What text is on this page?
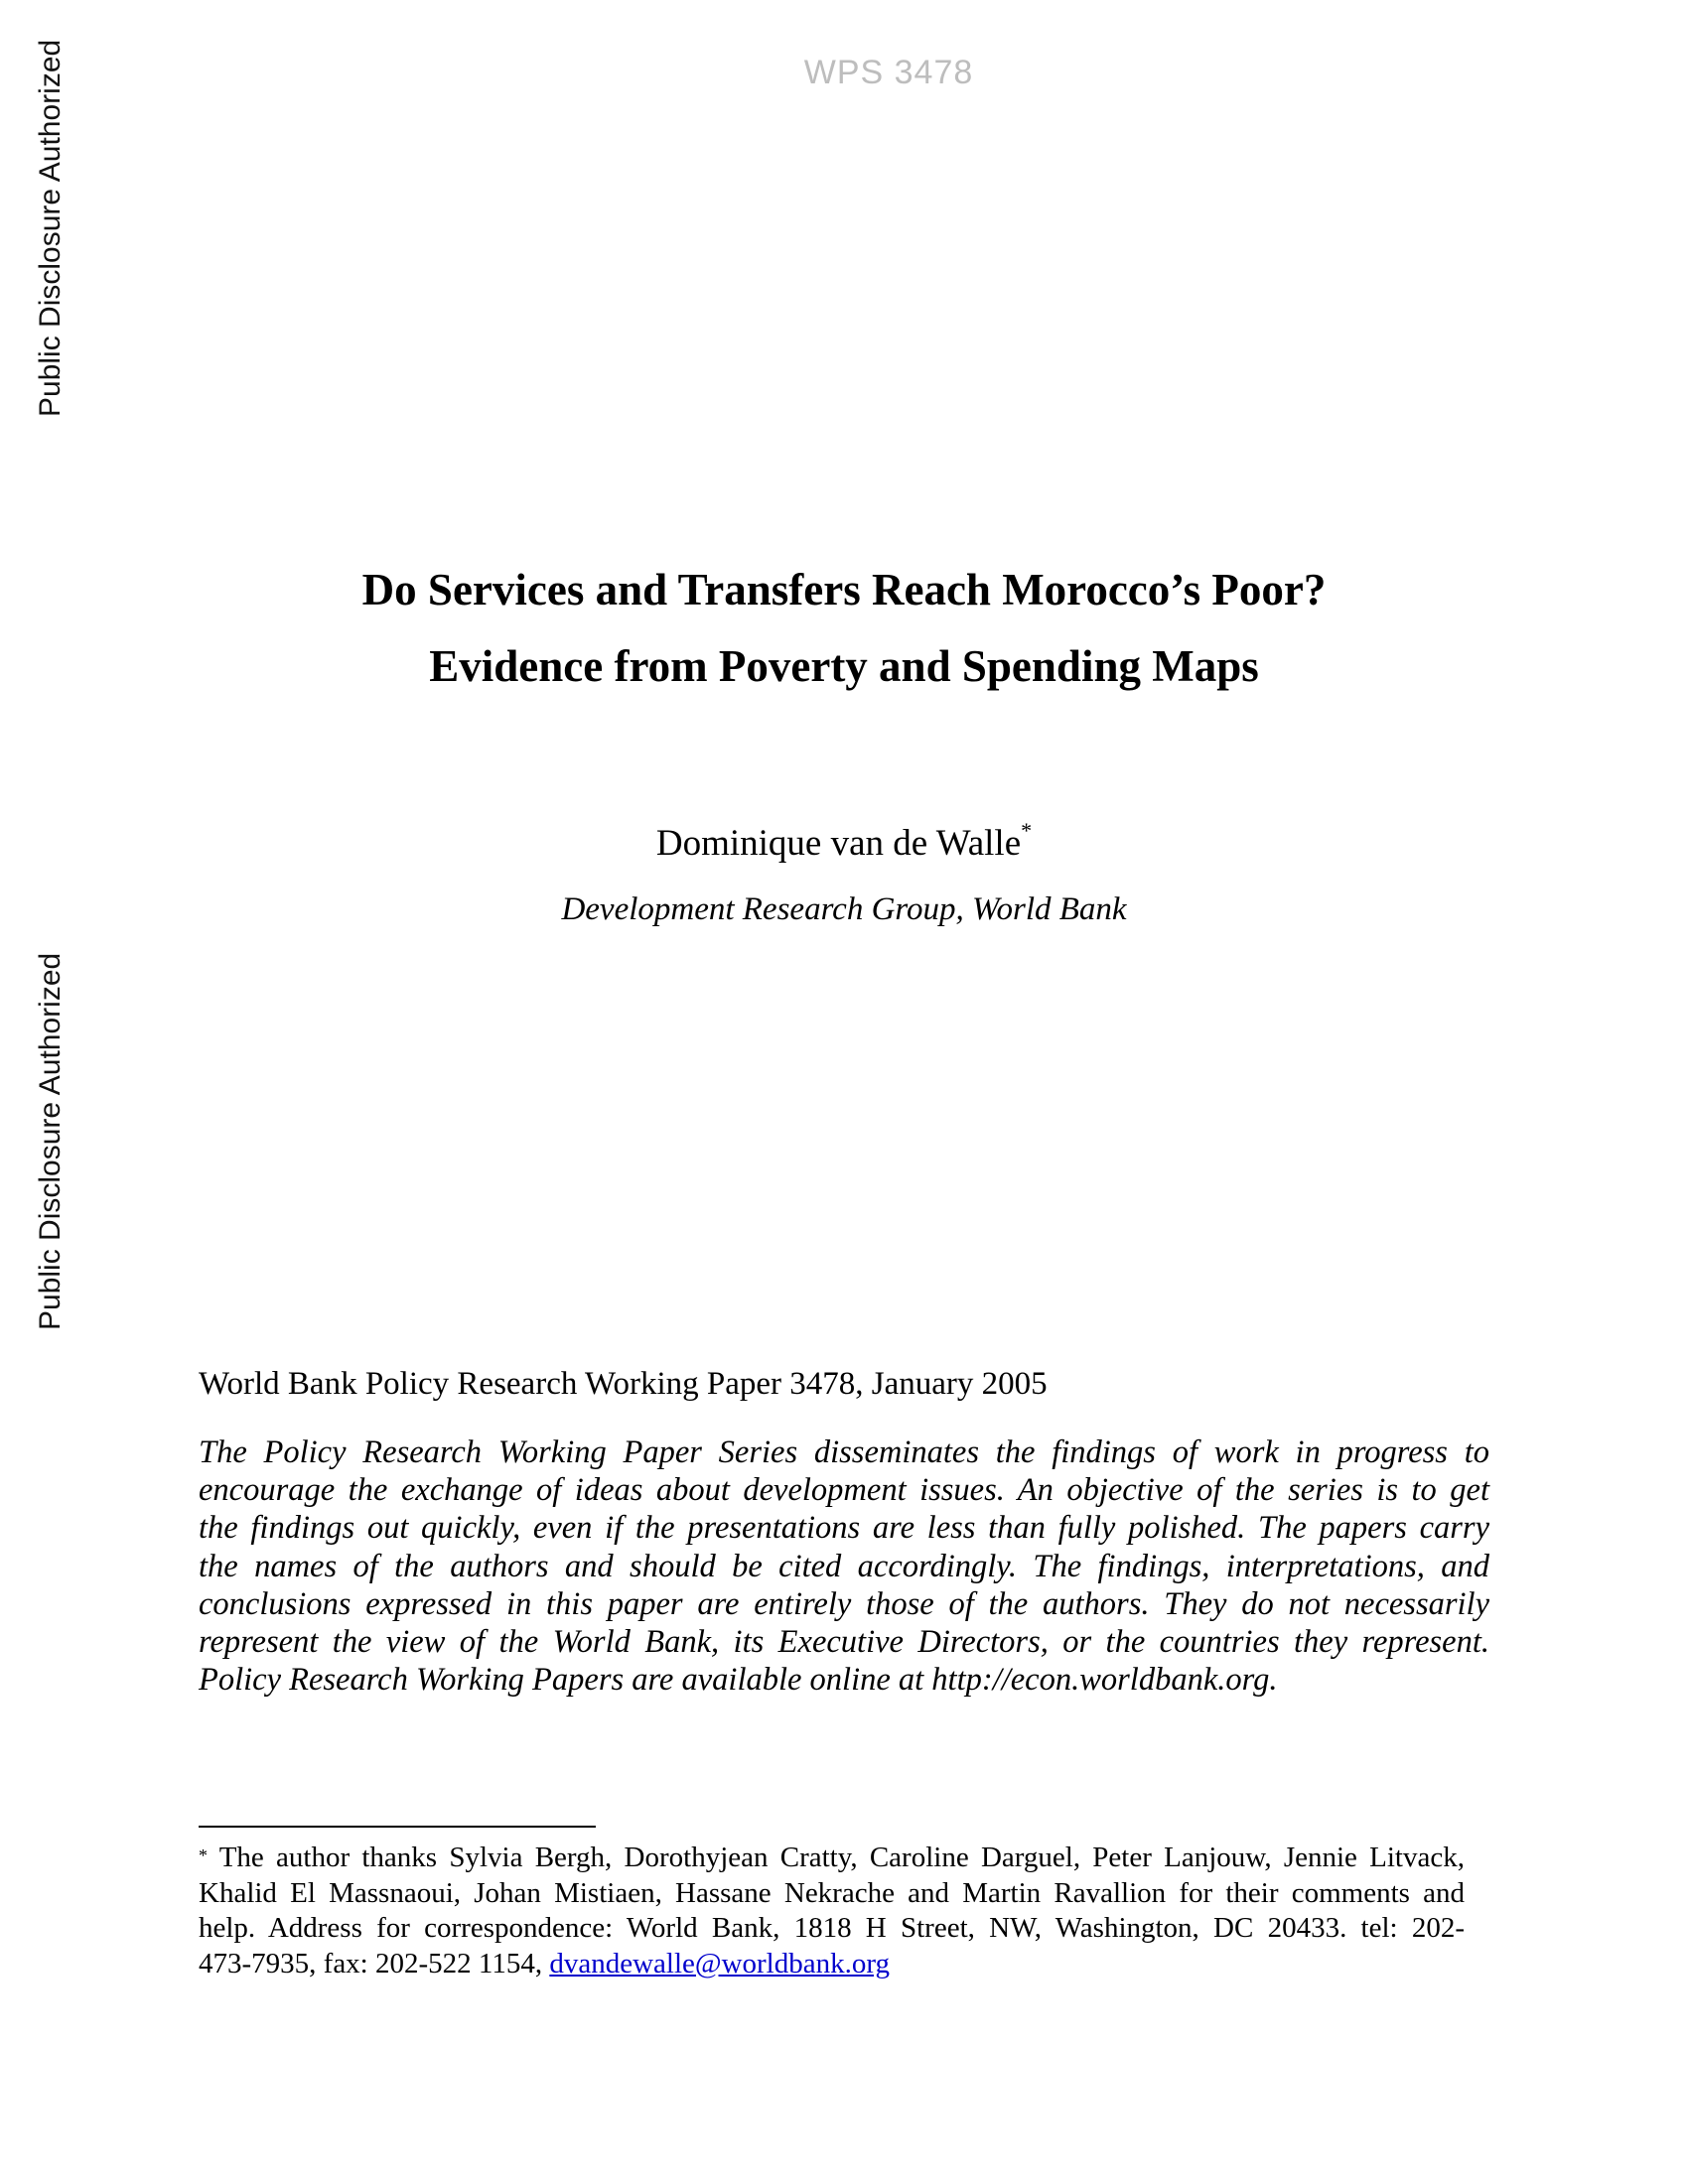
WPS 3478
Public Disclosure Authorized
Public Disclosure Authorized
Do Services and Transfers Reach Morocco’s Poor?
Evidence from Poverty and Spending Maps
Dominique van de Walle*
Development Research Group, World Bank
World Bank Policy Research Working Paper 3478, January 2005
The Policy Research Working Paper Series disseminates the findings of work in progress to
encourage the exchange of ideas about development issues. An objective of the series is to get
the findings out quickly, even if the presentations are less than fully polished. The papers carry
the names of the authors and should be cited accordingly. The findings, interpretations, and
conclusions expressed in this paper are entirely those of the authors. They do not necessarily
represent the view of the World Bank, its Executive Directors, or the countries they represent.
Policy Research Working Papers are available online at http://econ.worldbank.org.
* The author thanks Sylvia Bergh, Dorothyjean Cratty, Caroline Darguel, Peter Lanjouw, Jennie Litvack,
Khalid El Massnaoui, Johan Mistiaen, Hassane Nekrache and Martin Ravallion for their comments and
help. Address for correspondence: World Bank, 1818 H Street, NW, Washington, DC 20433. tel: 202-
473-7935, fax: 202-522 1154, dvandewalle@worldbank.org
